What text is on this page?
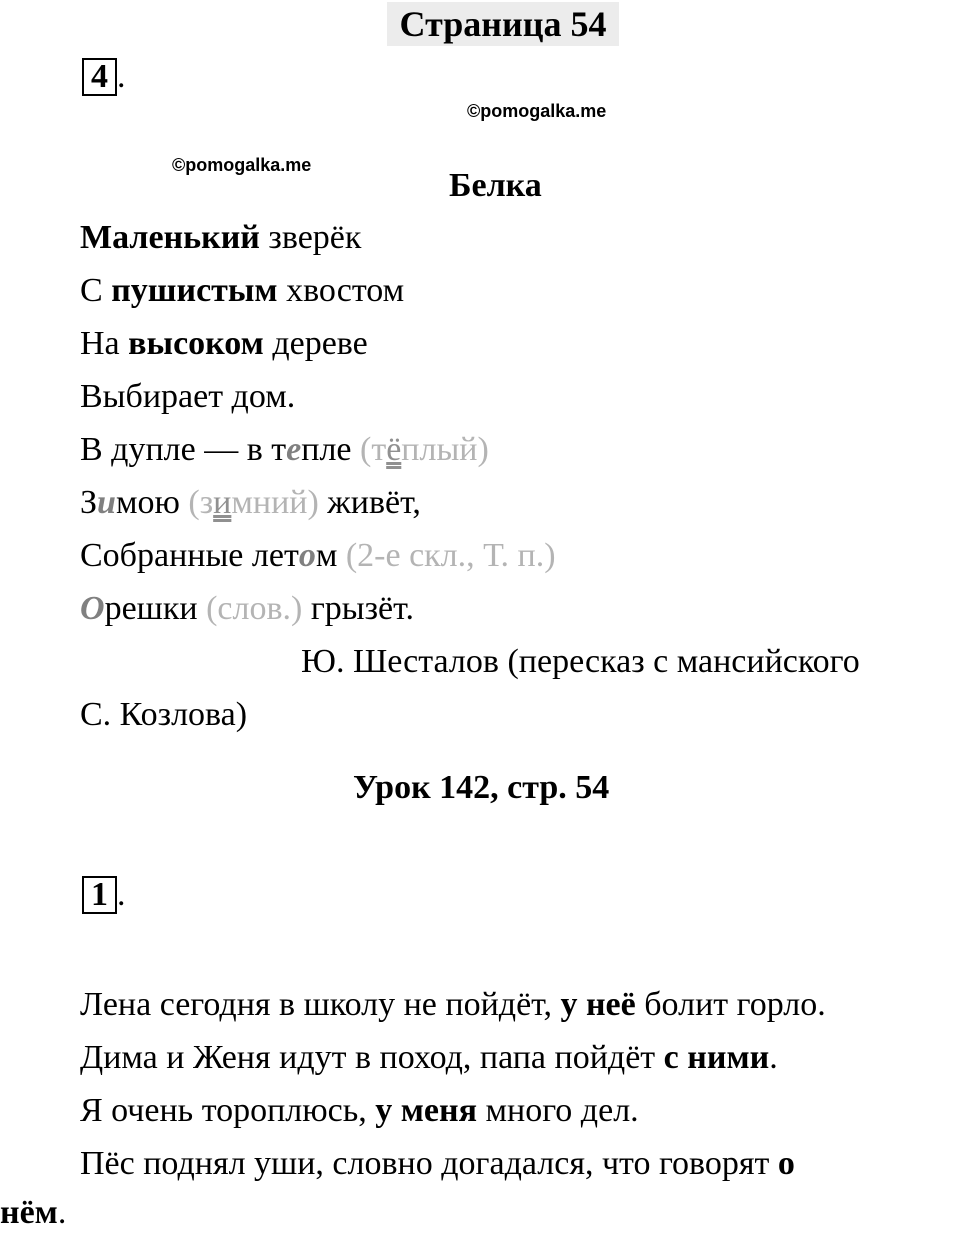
Страница 54
4 .
©pomogalka.me
©pomogalka.me
Белка
Маленький зверёк
С пушистым хвостом
На высоком дереве
Выбирает дом.
В дупле — в тепле (тёплый)
Зимою (зимний) живёт,
Собранные летом (2-е скл., Т. п.)
Орешки (слов.) грызёт.
Ю. Шесталов (пересказ с мансийского
С. Козлова)
Урок 142, стр. 54
1 .
Лена сегодня в школу не пойдёт, у неё болит горло.
Дима и Женя идут в поход, папа пойдёт с ними.
Я очень тороплюсь, у меня много дел.
Пёс поднял уши, словно догадался, что говорят о
нём.
